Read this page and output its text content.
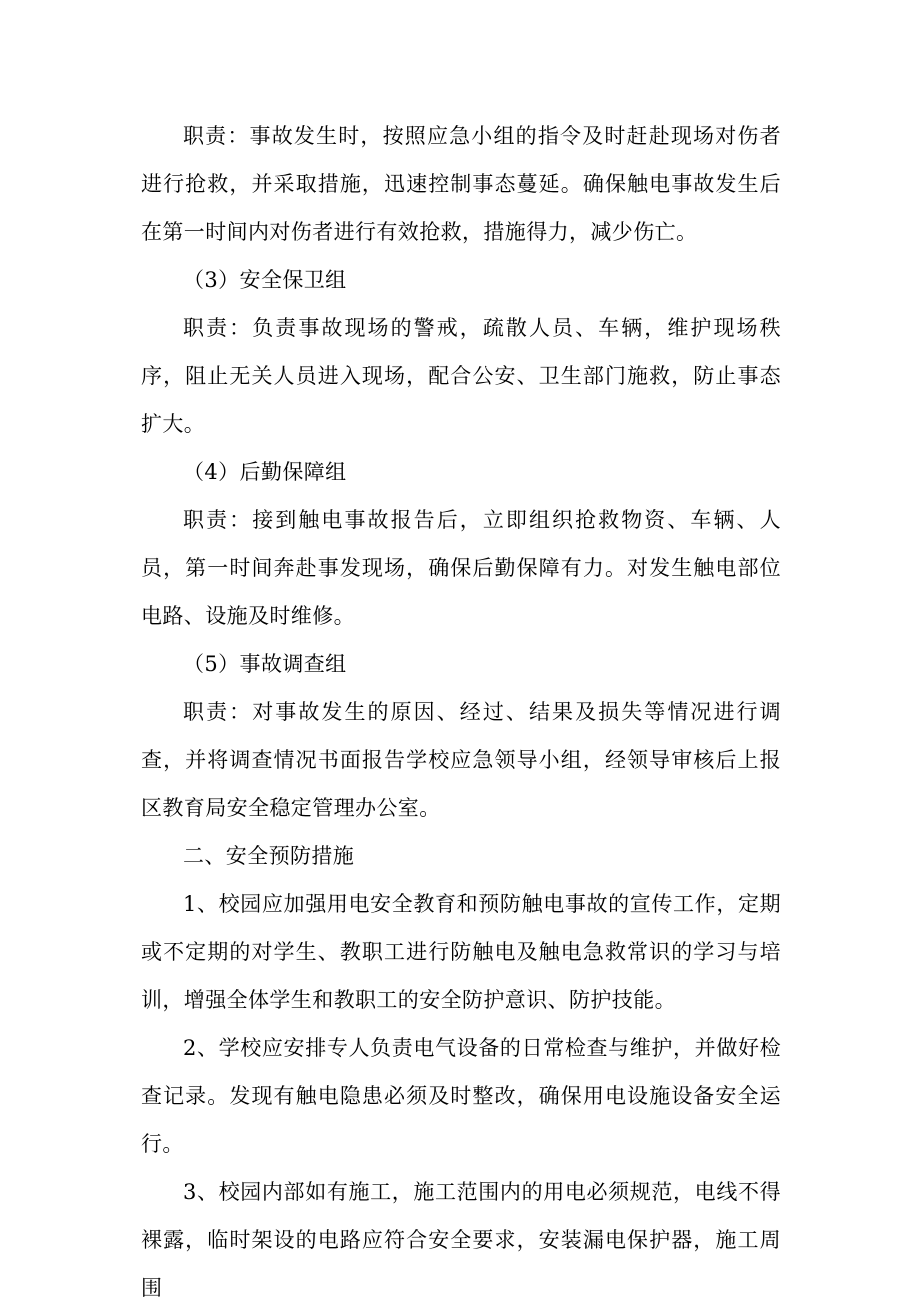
职责：事故发生时，按照应急小组的指令及时赶赴现场对伤者进行抢救，并采取措施，迅速控制事态蔓延。确保触电事故发生后在第一时间内对伤者进行有效抢救，措施得力，减少伤亡。

（3）安全保卫组

职责：负责事故现场的警戒，疏散人员、车辆，维护现场秩序，阻止无关人员进入现场，配合公安、卫生部门施救，防止事态扩大。

（4）后勤保障组

职责：接到触电事故报告后，立即组织抢救物资、车辆、人员，第一时间奔赴事发现场，确保后勤保障有力。对发生触电部位电路、设施及时维修。

（5）事故调查组

职责：对事故发生的原因、经过、结果及损失等情况进行调查，并将调查情况书面报告学校应急领导小组，经领导审核后上报区教育局安全稳定管理办公室。

二、安全预防措施

1、校园应加强用电安全教育和预防触电事故的宣传工作，定期或不定期的对学生、教职工进行防触电及触电急救常识的学习与培训，增强全体学生和教职工的安全防护意识、防护技能。

2、学校应安排专人负责电气设备的日常检查与维护，并做好检查记录。发现有触电隐患必须及时整改，确保用电设施设备安全运行。

3、校园内部如有施工，施工范围内的用电必须规范，电线不得裸露，临时架设的电路应符合安全要求，安装漏电保护器，施工周围
